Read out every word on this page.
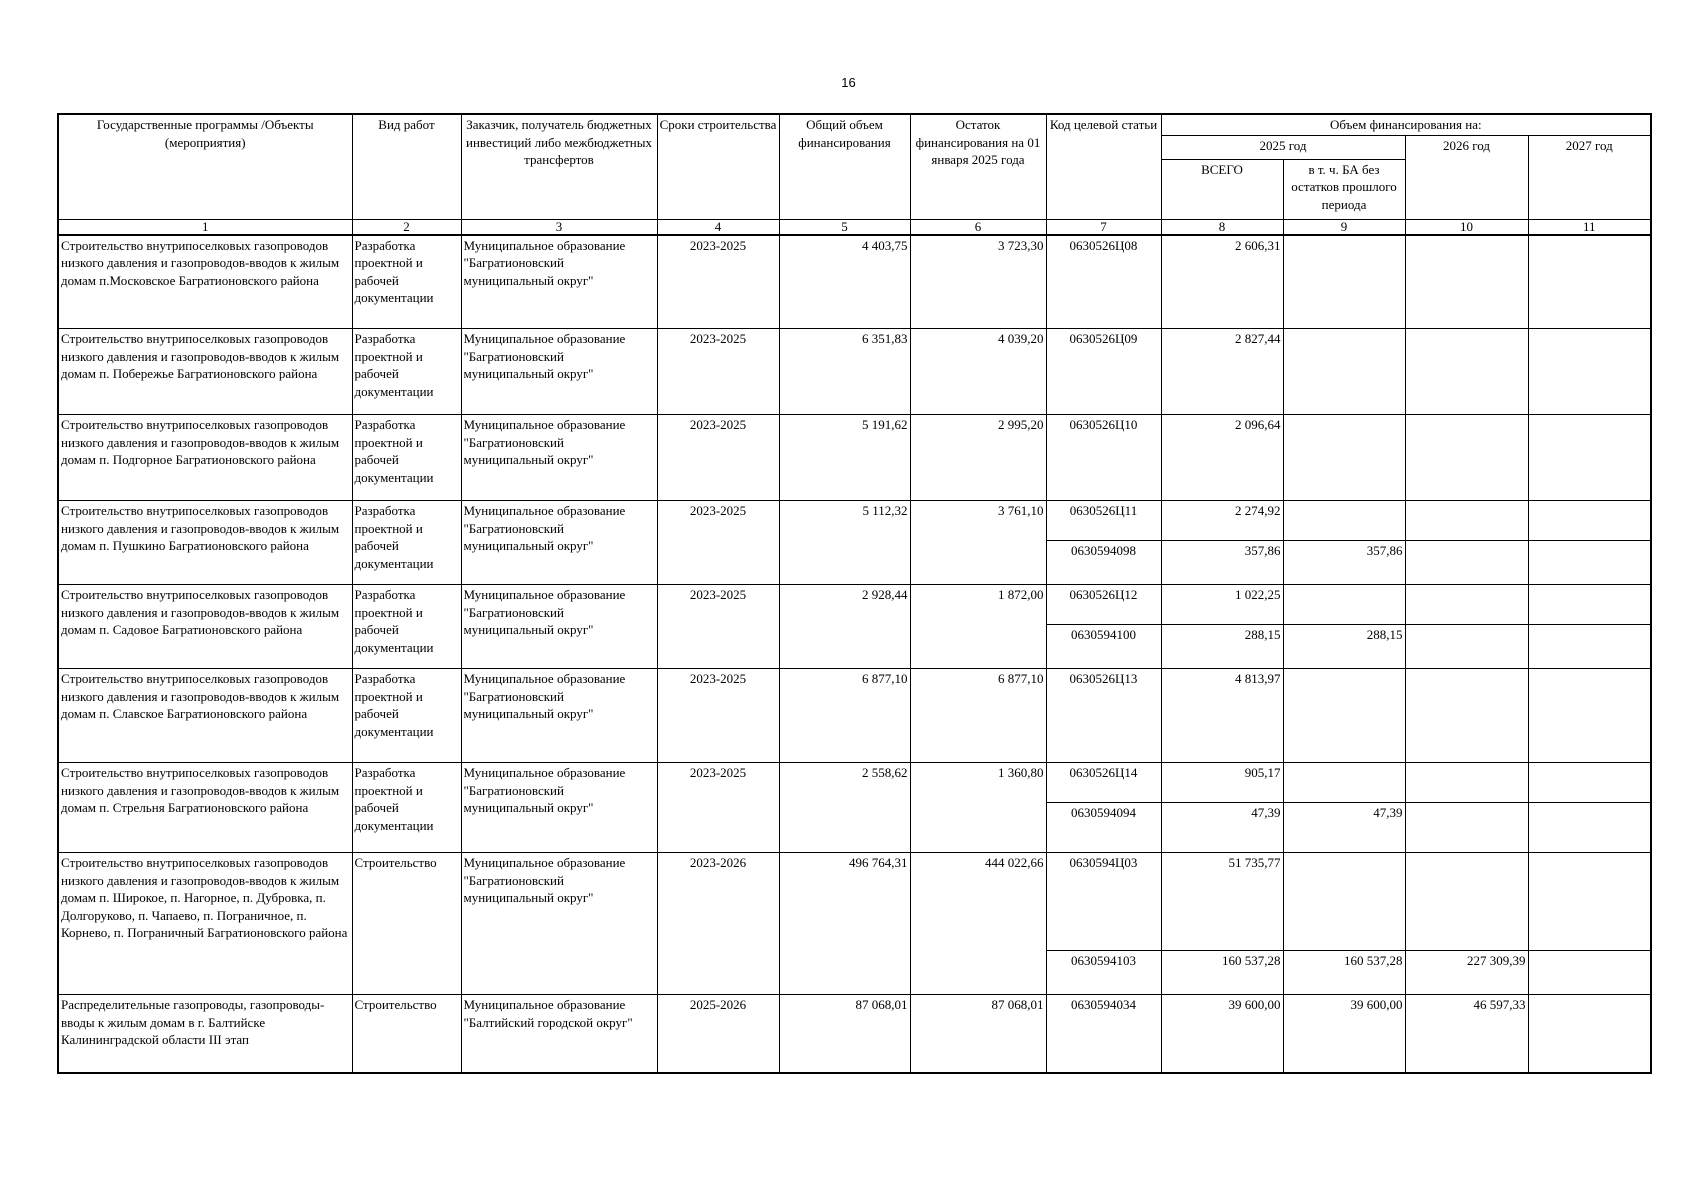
16
Государственные программы /Объекты (мероприятия)	Вид работ	Заказчик, получатель бюджетных инвестиций либо межбюджетных трансфертов	Сроки строительства	Общий объем финансирования	Остаток финансирования на 01 января 2025 года	Код целевой статьи	Объем финансирования на:			
							2025 год		2026 год	2027 год
							ВСЕГО	в т. ч. БА без остатков прошлого периода		
1	2	3	4	5	6	7	8	9	10	11
Строительство внутрипоселковых газопроводов низкого давления и газопроводов-вводов к жилым домам п.Московское Багратионовского района	Разработка проектной и рабочей документации	Муниципальное образование "Багратионовский муниципальный округ"	2023-2025	4 403,75	3 723,30	0630526Ц08	2 606,31			
Строительство внутрипоселковых газопроводов низкого давления и газопроводов-вводов к жилым домам п. Побережье Багратионовского района	Разработка проектной и рабочей документации	Муниципальное образование "Багратионовский муниципальный округ"	2023-2025	6 351,83	4 039,20	0630526Ц09	2 827,44			
Строительство внутрипоселковых газопроводов низкого давления и газопроводов-вводов к жилым домам п. Подгорное Багратионовского района	Разработка проектной и рабочей документации	Муниципальное образование "Багратионовский муниципальный округ"	2023-2025	5 191,62	2 995,20	0630526Ц10	2 096,64			
Строительство внутрипоселковых газопроводов низкого давления и газопроводов-вводов к жилым домам п. Пушкино Багратионовского района	Разработка проектной и рабочей документации	Муниципальное образование "Багратионовский муниципальный округ"	2023-2025	5 112,32	3 761,10	0630526Ц11	2 274,92			
						0630594098	357,86	357,86		
Строительство внутрипоселковых газопроводов низкого давления и газопроводов-вводов к жилым домам п. Садовое Багратионовского района	Разработка проектной и рабочей документации	Муниципальное образование "Багратионовский муниципальный округ"	2023-2025	2 928,44	1 872,00	0630526Ц12	1 022,25			
						0630594100	288,15	288,15		
Строительство внутрипоселковых газопроводов низкого давления и газопроводов-вводов к жилым домам п. Славское Багратионовского района	Разработка проектной и рабочей документации	Муниципальное образование "Багратионовский муниципальный округ"	2023-2025	6 877,10	6 877,10	0630526Ц13	4 813,97			
Строительство внутрипоселковых газопроводов низкого давления и газопроводов-вводов к жилым домам п. Стрельня Багратионовского района	Разработка проектной и рабочей документации	Муниципальное образование "Багратионовский муниципальный округ"	2023-2025	2 558,62	1 360,80	0630526Ц14	905,17			
						0630594094	47,39	47,39		
Строительство внутрипоселковых газопроводов низкого давления и газопроводов-вводов к жилым домам п. Широкое, п. Нагорное, п. Дубровка, п. Долгоруково, п. Чапаево, п. Пограничное, п. Корнево, п. Пограничный Багратионовского района	Строительство	Муниципальное образование "Багратионовский муниципальный округ"	2023-2026	496 764,31	444 022,66	0630594Ц03	51 735,77			
						0630594103	160 537,28	160 537,28	227 309,39	
Распределительные газопроводы, газопроводы-вводы к жилым домам в г. Балтийске Калининградской области III этап	Строительство	Муниципальное образование "Балтийский городской округ"	2025-2026	87 068,01	87 068,01	0630594034	39 600,00	39 600,00	46 597,33	
